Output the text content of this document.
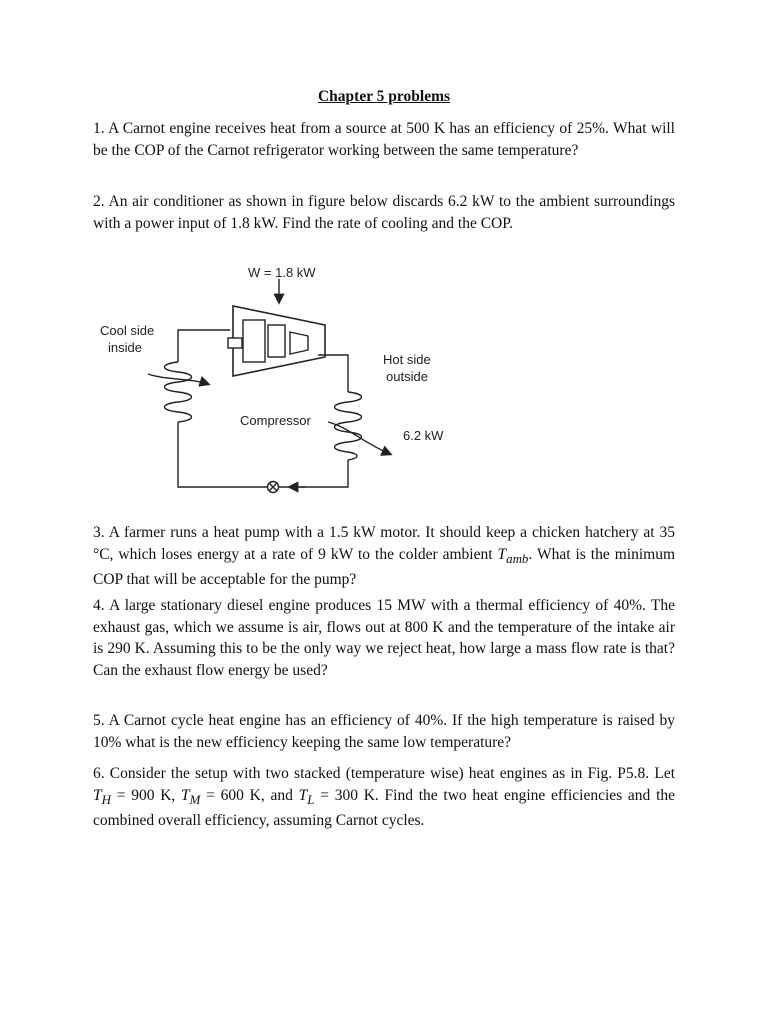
Chapter 5 problems

1. A Carnot engine receives heat from a source at 500 K has an efficiency of 25%. What will be the COP of the Carnot refrigerator working between the same temperature?

2. An air conditioner as shown in figure below discards 6.2 kW to the ambient surroundings with a power input of 1.8 kW. Find the rate of cooling and the COP.

W = 1.8 kW
Cool side
inside
Hot side
outside
Compressor
6.2 kW

3. A farmer runs a heat pump with a 1.5 kW motor. It should keep a chicken hatchery at 35 °C, which loses energy at a rate of 9 kW to the colder ambient $T_{amb}$. What is the minimum COP that will be acceptable for the pump?

4. A large stationary diesel engine produces 15 MW with a thermal efficiency of 40%. The exhaust gas, which we assume is air, flows out at 800 K and the temperature of the intake air is 290 K. Assuming this to be the only way we reject heat, how large a mass flow rate is that? Can the exhaust flow energy be used?

5. A Carnot cycle heat engine has an efficiency of 40%. If the high temperature is raised by 10% what is the new efficiency keeping the same low temperature?

6. Consider the setup with two stacked (temperature wise) heat engines as in Fig. P5.8. Let $T_H = 900$ K, $T_M = 600$ K, and $T_L = 300$ K. Find the two heat engine efficiencies and the combined overall efficiency, assuming Carnot cycles.
